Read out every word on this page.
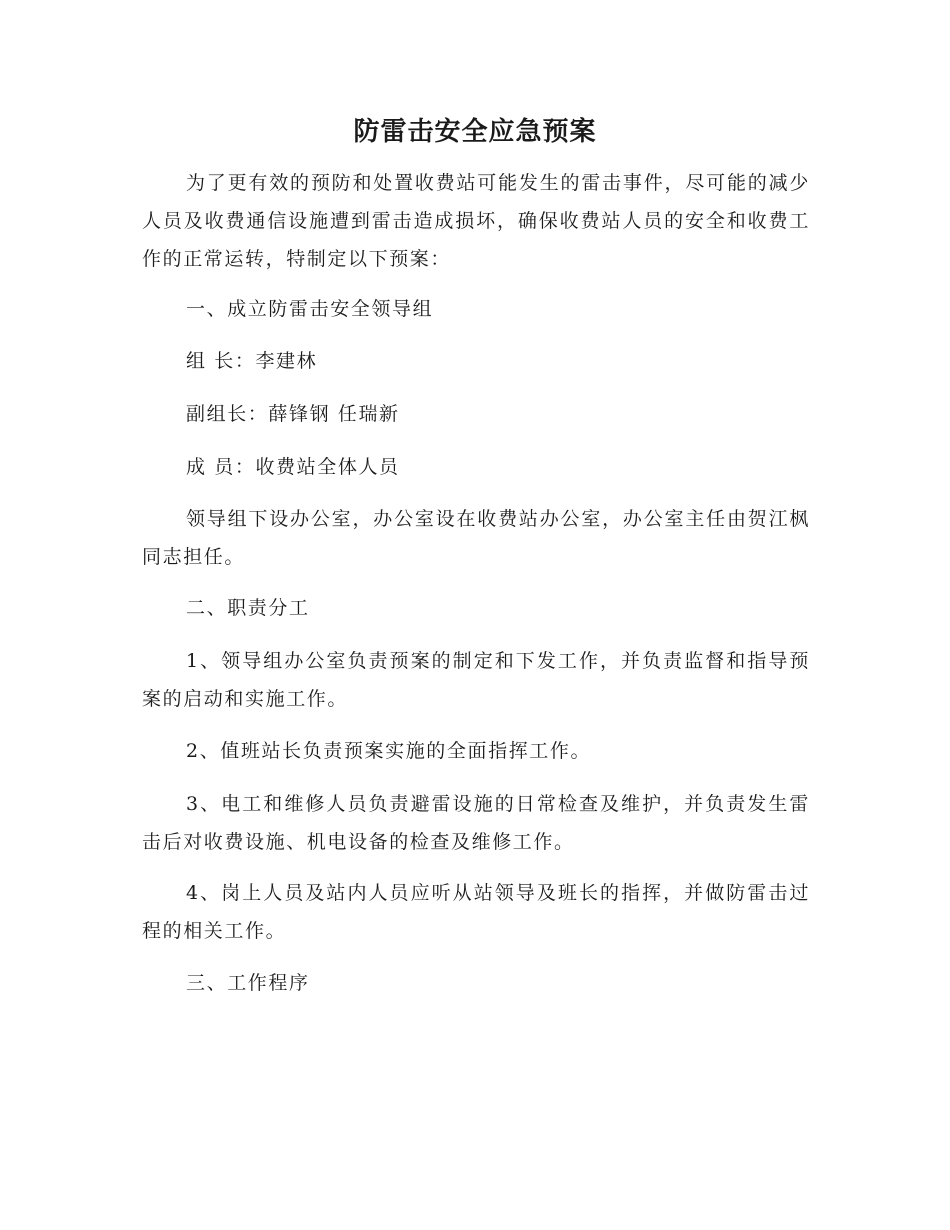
防雷击安全应急预案

为了更有效的预防和处置收费站可能发生的雷击事件，尽可能的减少人员及收费通信设施遭到雷击造成损坏，确保收费站人员的安全和收费工作的正常运转，特制定以下预案：

一、成立防雷击安全领导组

组 长：李建林

副组长：薛锋钢 任瑞新

成 员：收费站全体人员

领导组下设办公室，办公室设在收费站办公室，办公室主任由贺江枫同志担任。

二、职责分工

1、领导组办公室负责预案的制定和下发工作，并负责监督和指导预案的启动和实施工作。

2、值班站长负责预案实施的全面指挥工作。

3、电工和维修人员负责避雷设施的日常检查及维护，并负责发生雷击后对收费设施、机电设备的检查及维修工作。

4、岗上人员及站内人员应听从站领导及班长的指挥，并做防雷击过程的相关工作。

三、工作程序
